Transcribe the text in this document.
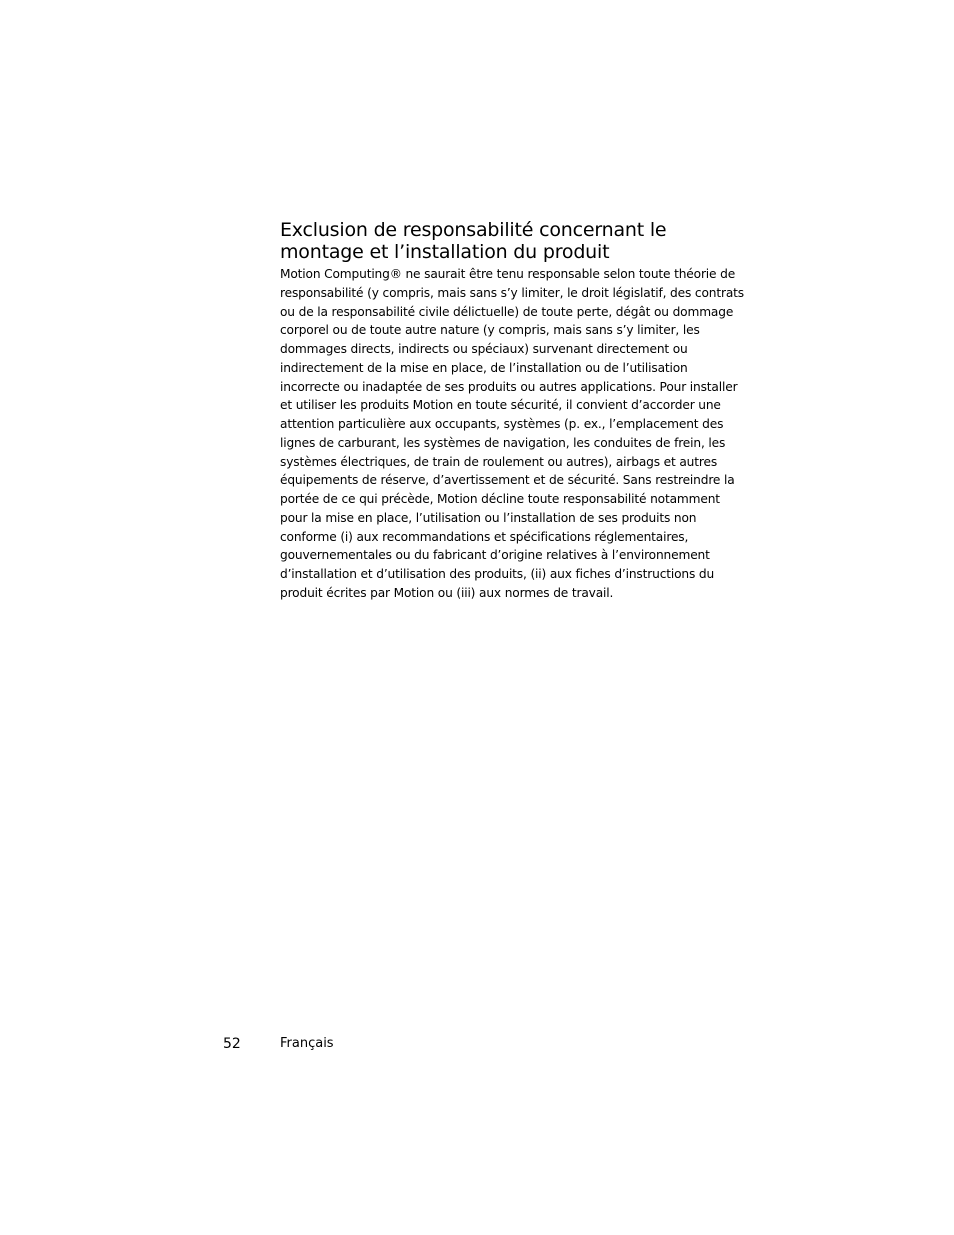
Exclusion de responsabilité concernant le
montage et l’installation du produit

Motion Computing® ne saurait être tenu responsable selon toute théorie de
responsabilité (y compris, mais sans s’y limiter, le droit législatif, des contrats
ou de la responsabilité civile délictuelle) de toute perte, dégât ou dommage
corporel ou de toute autre nature (y compris, mais sans s’y limiter, les
dommages directs, indirects ou spéciaux) survenant directement ou
indirectement de la mise en place, de l’installation ou de l’utilisation
incorrecte ou inadaptée de ses produits ou autres applications. Pour installer
et utiliser les produits Motion en toute sécurité, il convient d’accorder une
attention particulière aux occupants, systèmes (p. ex., l’emplacement des
lignes de carburant, les systèmes de navigation, les conduites de frein, les
systèmes électriques, de train de roulement ou autres), airbags et autres
équipements de réserve, d’avertissement et de sécurité. Sans restreindre la
portée de ce qui précède, Motion décline toute responsabilité notamment
pour la mise en place, l’utilisation ou l’installation de ses produits non
conforme (i) aux recommandations et spécifications réglementaires,
gouvernementales ou du fabricant d’origine relatives à l’environnement
d’installation et d’utilisation des produits, (ii) aux fiches d’instructions du
produit écrites par Motion ou (iii) aux normes de travail.

52	Français
